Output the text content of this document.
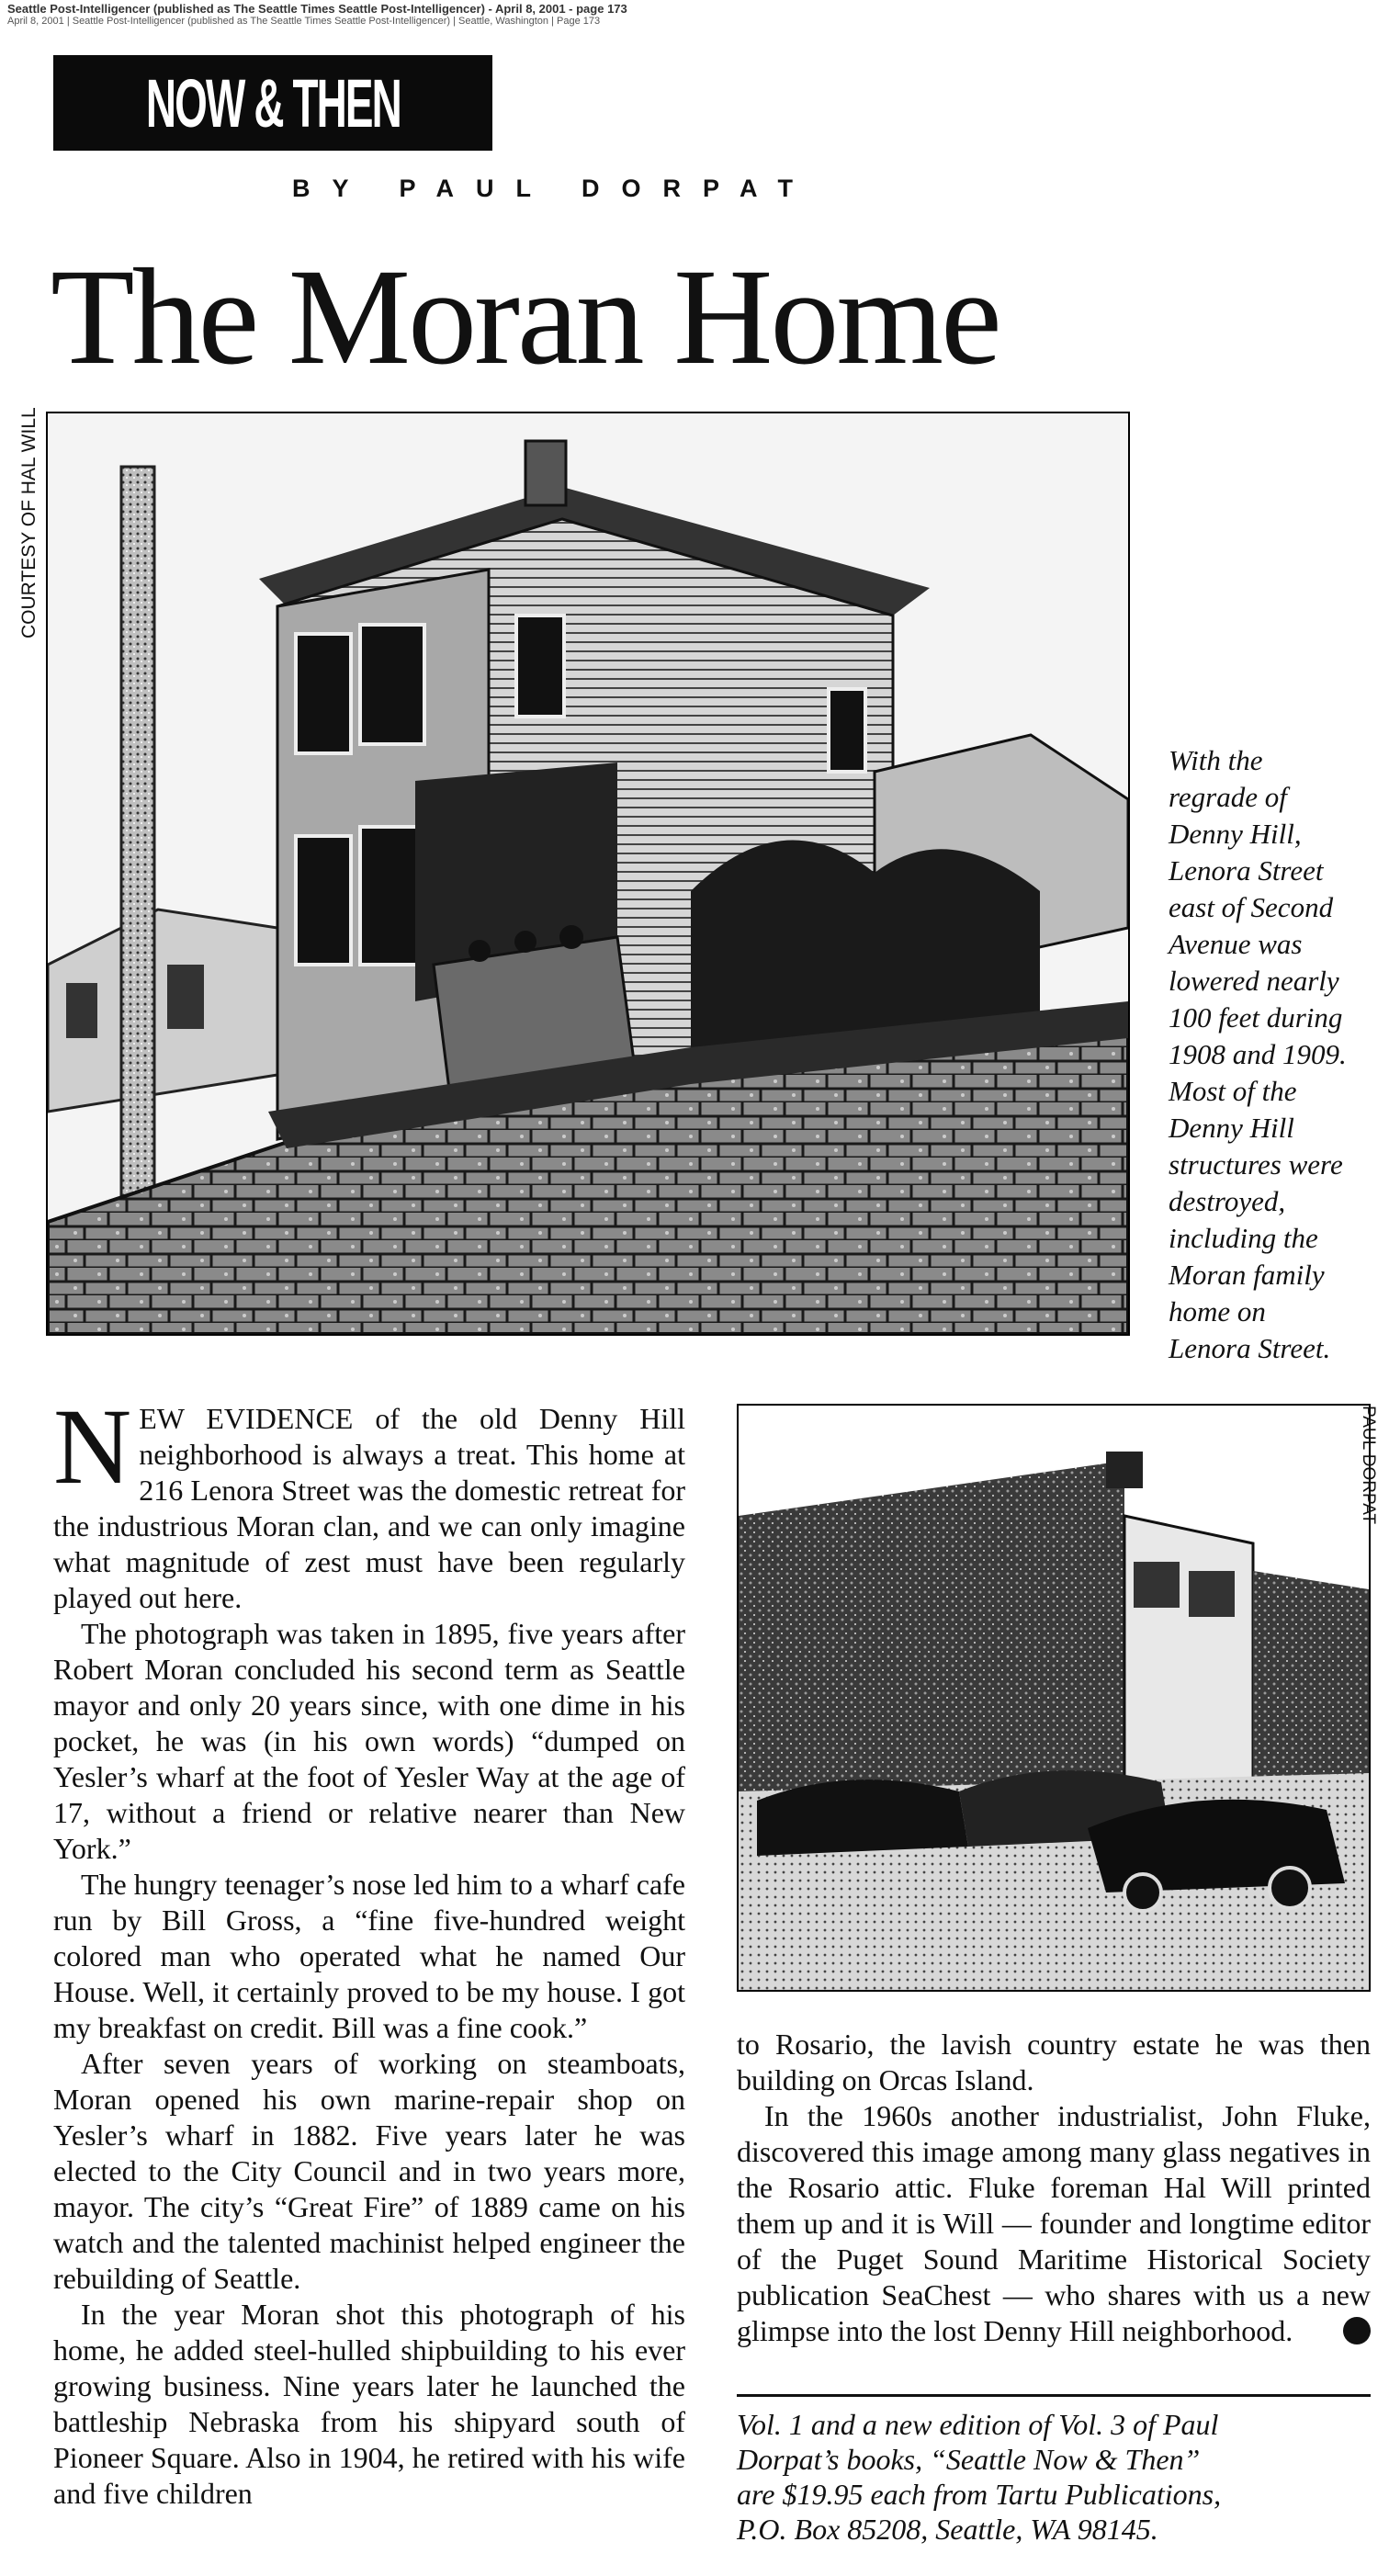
Seattle Post-Intelligencer (published as The Seattle Times Seattle Post-Intelligencer) - April 8, 2001 - page 173
April 8, 2001 | Seattle Post-Intelligencer (published as The Seattle Times Seattle Post-Intelligencer) | Seattle, Washington | Page 173
NOW & THEN
BY PAUL DORPAT
The Moran Home
COURTESY OF HAL WILL

With the

regrade of

Denny Hill,

Lenora Street

east of Second

Avenue was

lowered nearly

100 feet during

1908 and 1909.

Most of the

Denny Hill

structures were

destroyed,

including the

Moran family

home on

Lenora Street.

NEW EVIDENCE of the old Denny Hill neighborhood is always a treat. This home at 216 Lenora Street was the domestic retreat for the industrious Moran clan, and we can only imagine what magnitude of zest must have been regularly played out here.

The photograph was taken in 1895, five years after Robert Moran concluded his second term as Seattle mayor and only 20 years since, with one dime in his pocket, he was (in his own words) “dumped on Yesler’s wharf at the foot of Yesler Way at the age of 17, without a friend or relative nearer than New York.”

The hungry teenager’s nose led him to a wharf cafe run by Bill Gross, a “fine five-hundred weight colored man who operated what he named Our House. Well, it certainly proved to be my house. I got my breakfast on credit. Bill was a fine cook.”

After seven years of working on steamboats, Moran opened his own marine-repair shop on Yesler’s wharf in 1882. Five years later he was elected to the City Council and in two years more, mayor. The city’s “Great Fire” of 1889 came on his watch and the talented machinist helped engineer the rebuilding of Seattle.

In the year Moran shot this photograph of his home, he added steel-hulled shipbuilding to his ever growing business. Nine years later he launched the battleship Nebraska from his shipyard south of Pioneer Square. Also in 1904, he retired with his wife and five children

PAUL DORPAT

to Rosario, the lavish country estate he was then building on Orcas Island.

In the 1960s another industrialist, John Fluke, discovered this image among many glass negatives in the Rosario attic. Fluke foreman Hal Will printed them up and it is Will — founder and longtime editor of the Puget Sound Maritime Historical Society publication SeaChest — who shares with us a new glimpse into the lost Denny Hill neighborhood.	P

Vol. 1 and a new edition of Vol. 3 of Paul

Dorpat’s books, “Seattle Now & Then”

are $19.95 each from Tartu Publications,

P.O. Box 85208, Seattle, WA 98145.
